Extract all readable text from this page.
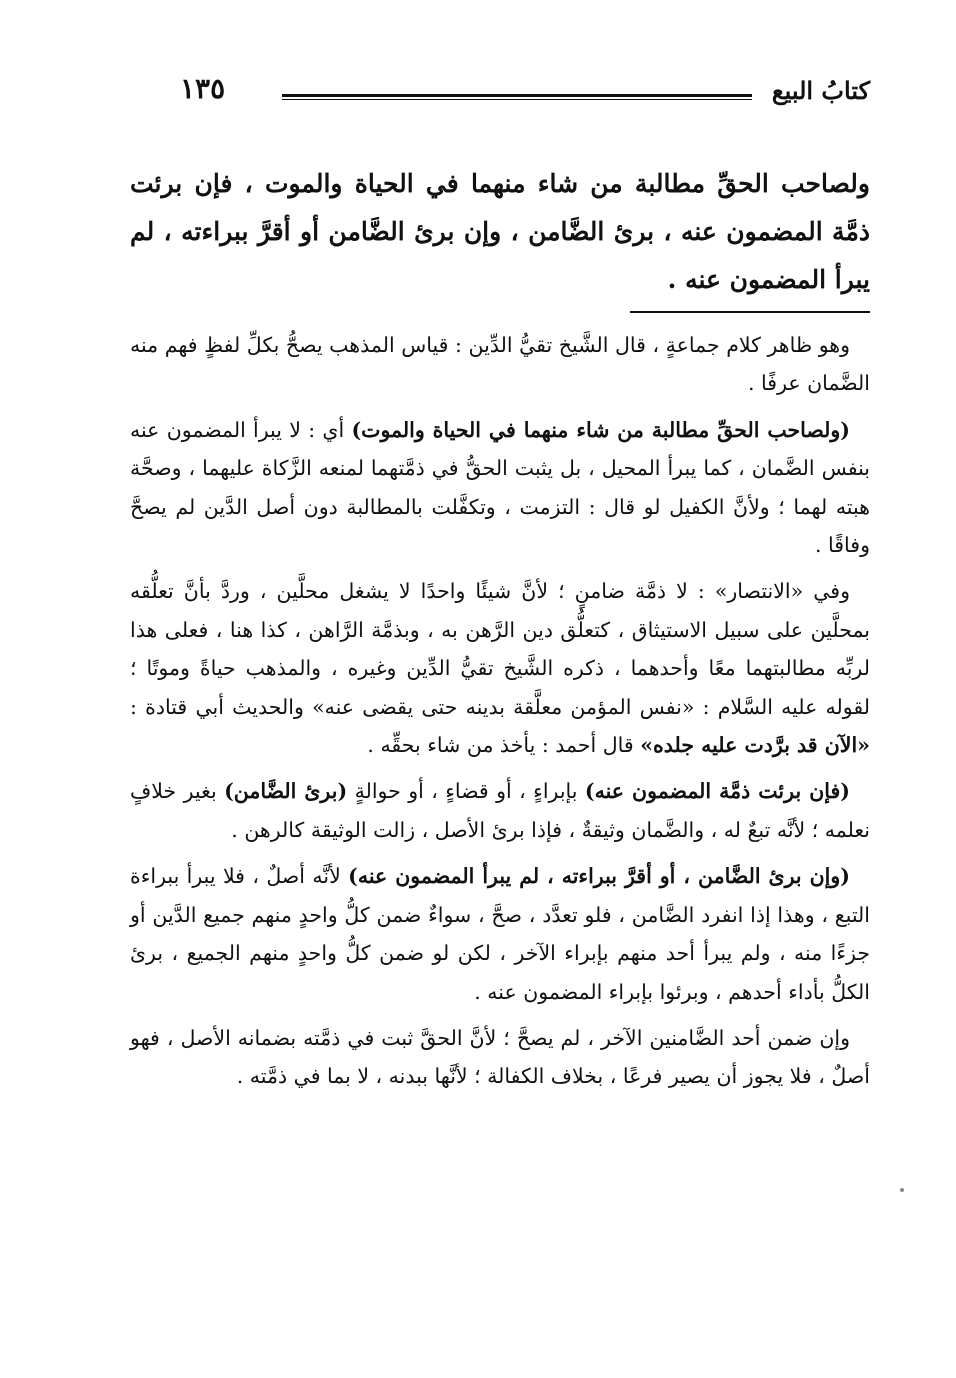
كتابُ البيع
١٣٥
ولصاحب الحقِّ مطالبة من شاء منهما في الحياة والموت ، فإن برئت ذمَّة المضمون عنه ، برئ الضَّامن ، وإن برئ الضَّامن أو أقرَّ ببراءته ، لم يبرأ المضمون عنه .

وهو ظاهر كلام جماعةٍ ، قال الشَّيخ تقيُّ الدِّين : قياس المذهب يصحُّ بكلِّ لفظٍ فهم منه الضَّمان عرفًا .

(ولصاحب الحقِّ مطالبة من شاء منهما في الحياة والموت) أي : لا يبرأ المضمون عنه بنفس الضَّمان ، كما يبرأ المحيل ، بل يثبت الحقُّ في ذمَّتهما لمنعه الزَّكاة عليهما ، وصحَّة هبته لهما ؛ ولأنَّ الكفيل لو قال : التزمت ، وتكفَّلت بالمطالبة دون أصل الدَّين لم يصحَّ وفاقًا .

وفي «الانتصار» : لا ذمَّة ضامنٍ ؛ لأنَّ شيئًا واحدًا لا يشغل محلَّين ، وردَّ بأنَّ تعلُّقه بمحلَّين على سبيل الاستيثاق ، كتعلُّق دين الرَّهن به ، وبذمَّة الرَّاهن ، كذا هنا ، فعلى هذا لربِّه مطالبتهما معًا وأحدهما ، ذكره الشَّيخ تقيُّ الدِّين وغيره ، والمذهب حياةً وموتًا ؛ لقوله عليه السَّلام : «نفس المؤمن معلَّقة بدينه حتى يقضى عنه» والحديث أبي قتادة : «الآن قد برَّدت عليه جلده» قال أحمد : يأخذ من شاء بحقِّه .

(فإن برئت ذمَّة المضمون عنه) بإبراءٍ ، أو قضاءٍ ، أو حوالةٍ (برئ الضَّامن) بغير خلافٍ نعلمه ؛ لأنَّه تبعٌ له ، والضَّمان وثيقةٌ ، فإذا برئ الأصل ، زالت الوثيقة كالرهن .

(وإن برئ الضَّامن ، أو أقرَّ ببراءته ، لم يبرأ المضمون عنه) لأنَّه أصلٌ ، فلا يبرأ ببراءة التبع ، وهذا إذا انفرد الضَّامن ، فلو تعدَّد ، صحَّ ، سواءٌ ضمن كلُّ واحدٍ منهم جميع الدَّين أو جزءًا منه ، ولم يبرأ أحد منهم بإبراء الآخر ، لكن لو ضمن كلُّ واحدٍ منهم الجميع ، برئ الكلُّ بأداء أحدهم ، وبرئوا بإبراء المضمون عنه .

وإن ضمن أحد الضَّامنين الآخر ، لم يصحَّ ؛ لأنَّ الحقَّ ثبت في ذمَّته بضمانه الأصل ، فهو أصلٌ ، فلا يجوز أن يصير فرعًا ، بخلاف الكفالة ؛ لأنَّها ببدنه ، لا بما في ذمَّته .
